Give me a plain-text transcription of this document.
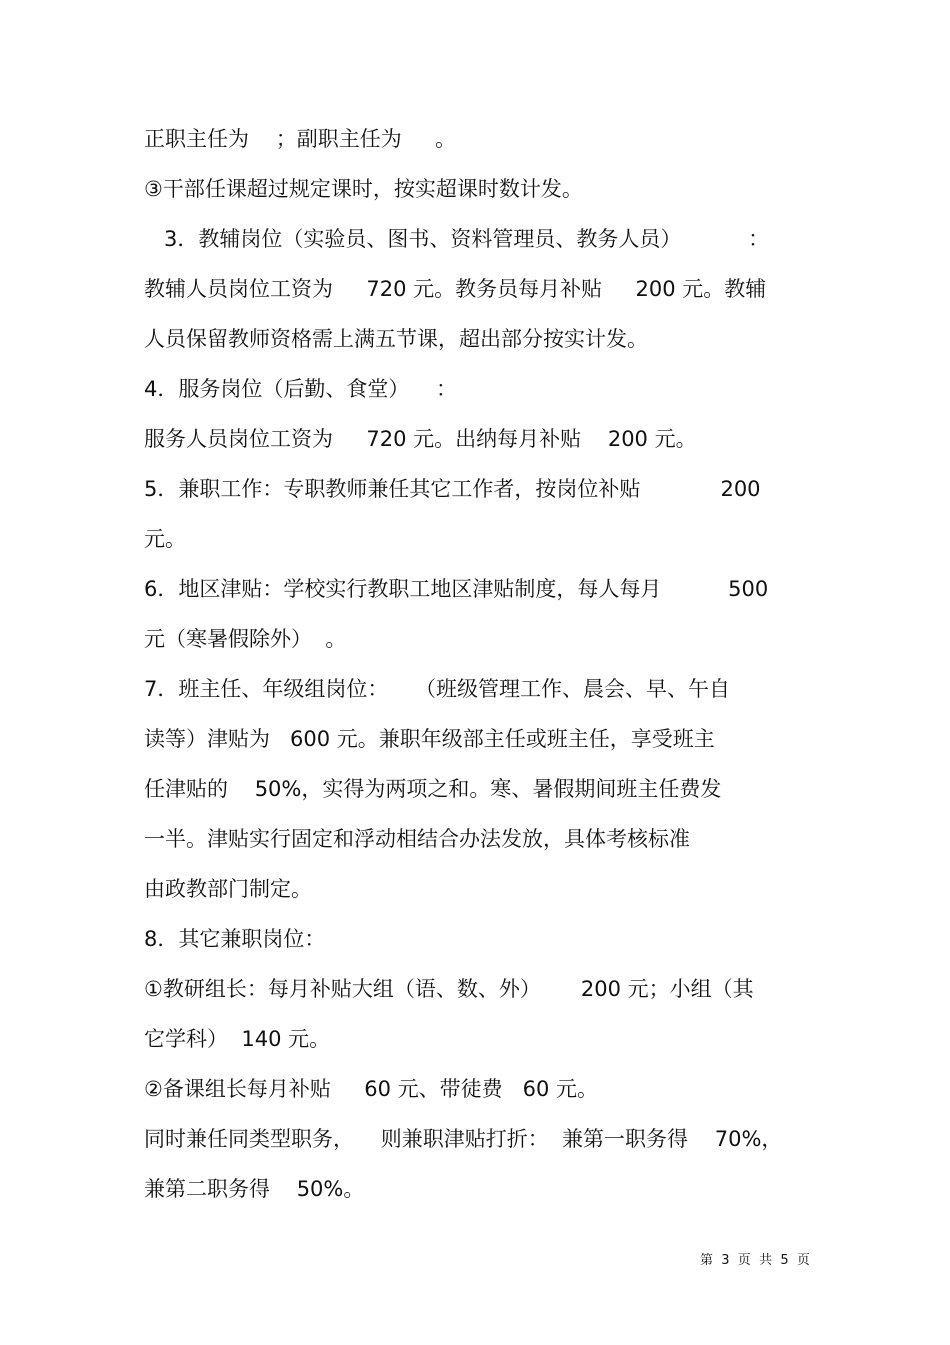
正职主任为    ；副职主任为     。
③干部任课超过规定课时，按实超课时数计发。
3．教辅岗位（实验员、图书、资料管理员、教务人员）          ：
教辅人员岗位工资为     720 元。教务员每月补贴     200 元。教辅
人员保留教师资格需上满五节课，超出部分按实计发。
4．服务岗位（后勤、食堂）    ：
服务人员岗位工资为     720 元。出纳每月补贴    200 元。
5．兼职工作：专职教师兼任其它工作者，按岗位补贴            200
元。
6．地区津贴：学校实行教职工地区津贴制度，每人每月          500
元（寒暑假除外）  。
7．班主任、年级组岗位：    （班级管理工作、晨会、早、午自
读等）津贴为   600 元。兼职年级部主任或班主任，享受班主
任津贴的    50%，实得为两项之和。寒、暑假期间班主任费发
一半。津贴实行固定和浮动相结合办法发放，具体考核标准
由政教部门制定。
8．其它兼职岗位：
①教研组长：每月补贴大组（语、数、外）      200 元；小组（其
它学科）  140 元。
②备课组长每月补贴     60 元、带徒费   60 元。
同时兼任同类型职务，    则兼职津贴打折：  兼第一职务得    70%，
兼第二职务得    50%。
第  3  页  共  5  页
